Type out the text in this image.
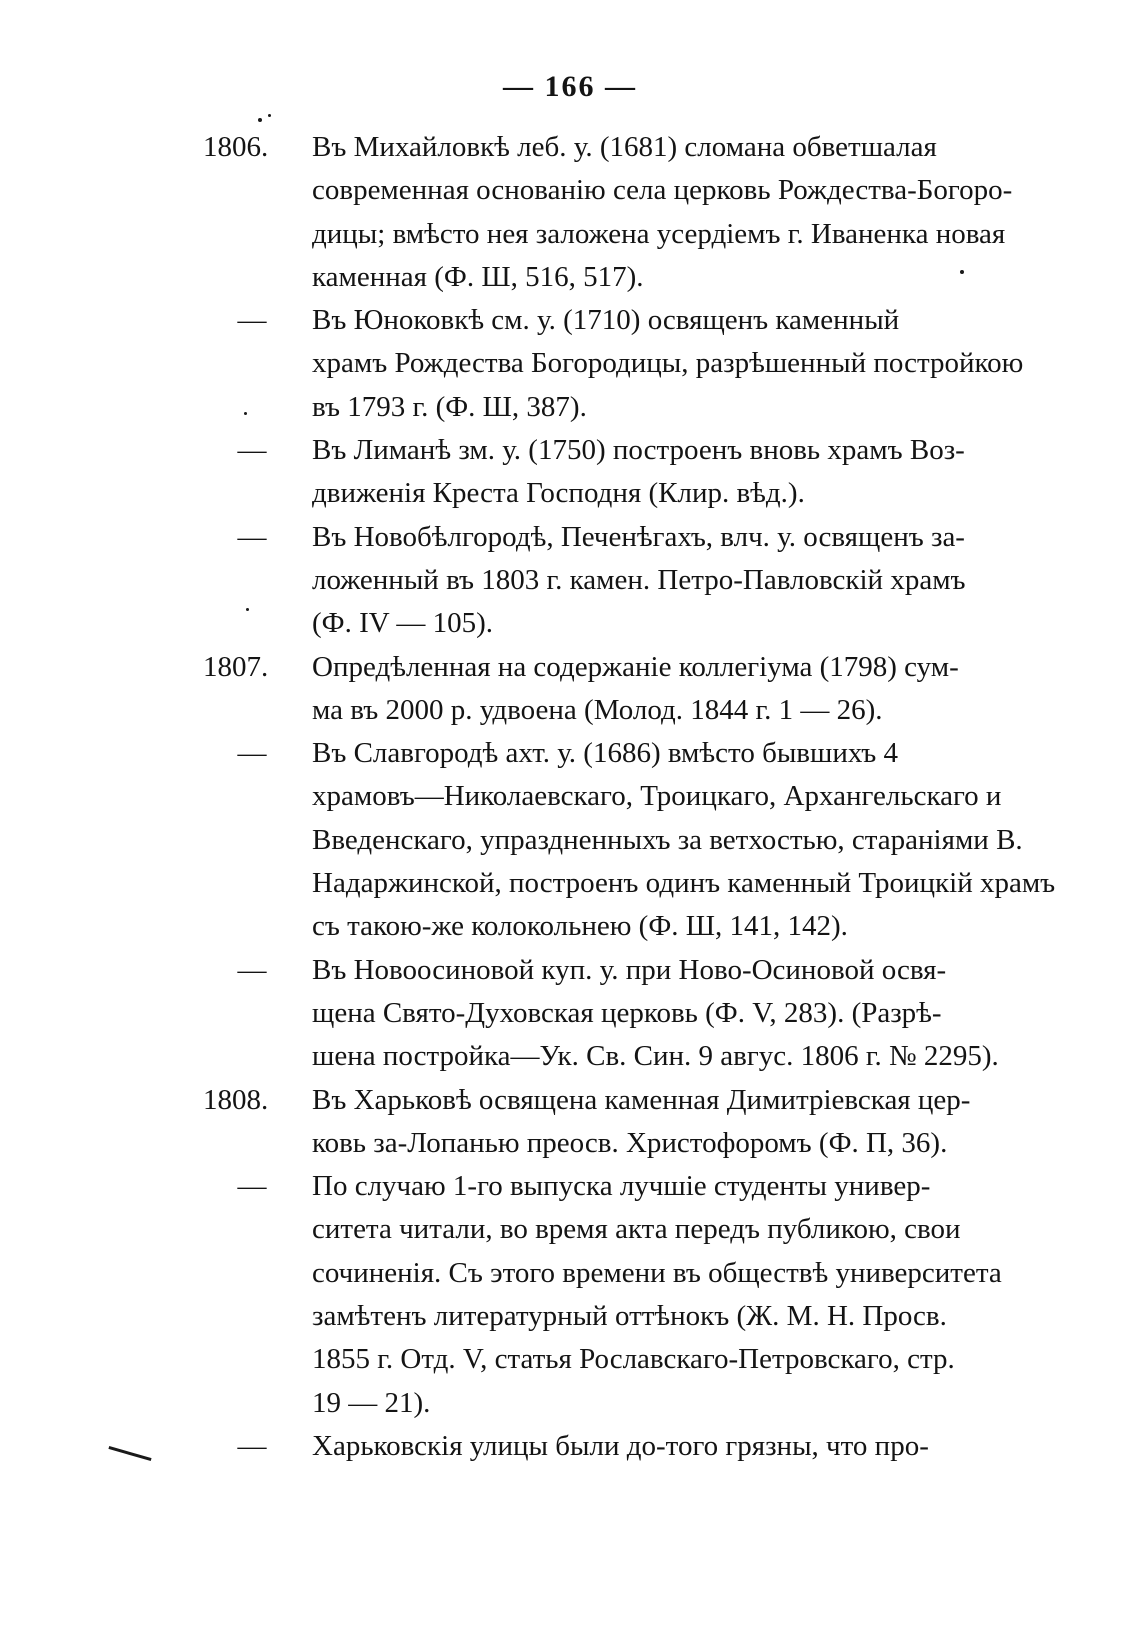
— 166 —
1806.	Въ Михайловкѣ леб. у. (1681) сломана обветшалая
современная основанію села церковь Рождества-Богоро-
дицы; вмѣсто нея заложена усердіемъ г. Иваненка новая
каменная (Ф. Ш, 516, 517).
— Въ Юноковкѣ см. у. (1710) освященъ каменный
храмъ Рождества Богородицы, разрѣшенный постройкою
въ 1793 г. (Ф. Ш, 387).
— Въ Лиманѣ зм. у. (1750) построенъ вновь храмъ Воз-
движенія Креста Господня (Клир. вѣд.).
— Въ Новобѣлгородѣ, Печенѣгахъ, влч. у. освященъ за-
ложенный въ 1803 г. камен. Петро-Павловскій храмъ
(Ф. IV — 105).
1807.	Опредѣленная на содержаніе коллегіума (1798) сум-
ма въ 2000 р. удвоена (Молод. 1844 г. 1 — 26).
— Въ Славгородѣ ахт. у. (1686) вмѣсто бывшихъ 4
храмовъ—Николаевскаго, Троицкаго, Архангельскаго и
Введенскаго, упраздненныхъ за ветхостью, стараніями В.
Надаржинской, построенъ одинъ каменный Троицкій храмъ
съ такою-же колокольнею (Ф. Ш, 141, 142).
— Въ Новоосиновой куп. у. при Ново-Осиновой освя-
щена Свято-Духовская церковь (Ф. V, 283). (Разрѣ-
шена постройка—Ук. Св. Син. 9 авгус. 1806 г. № 2295).
1808.	Въ Харьковѣ освящена каменная Димитріевская цер-
ковь за-Лопанью преосв. Христофоромъ (Ф. П, 36).
— По случаю 1-го выпуска лучшіе студенты универ-
ситета читали, во время акта передъ публикою, свои
сочиненія. Съ этого времени въ обществѣ университета
замѣтенъ литературный оттѣнокъ (Ж. М. Н. Просв.
1855 г. Отд. V, статья Рославскаго-Петровскаго, стр.
19 — 21).
— Харьковскія улицы были до-того грязны, что про-
